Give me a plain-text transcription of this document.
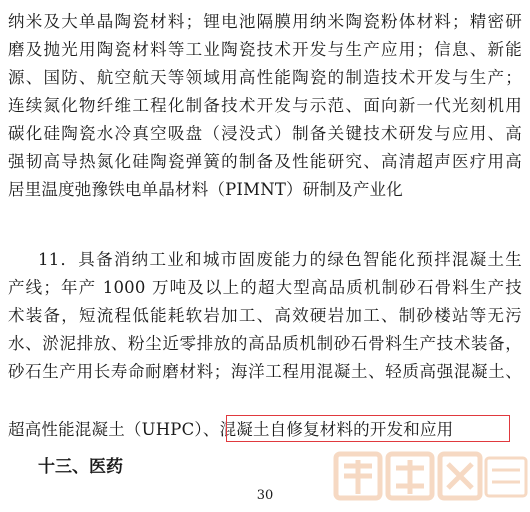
纳米及大单晶陶瓷材料；锂电池隔膜用纳米陶瓷粉体材料；精密研
磨及抛光用陶瓷材料等工业陶瓷技术开发与生产应用；信息、新能
源、国防、航空航天等领域用高性能陶瓷的制造技术开发与生产；
连续氮化物纤维工程化制备技术开发与示范、面向新一代光刻机用
碳化硅陶瓷水冷真空吸盘（浸没式）制备关键技术研发与应用、高
强韧高导热氮化硅陶瓷弹簧的制备及性能研究、高清超声医疗用高
居里温度弛豫铁电单晶材料（PIMNT）研制及产业化
11．具备消纳工业和城市固废能力的绿色智能化预拌混凝土生
产线；年产 1000 万吨及以上的超大型高品质机制砂石骨料生产技
术装备，短流程低能耗软岩加工、高效硬岩加工、制砂楼站等无污
水、淤泥排放、粉尘近零排放的高品质机制砂石骨料生产技术装备，
砂石生产用长寿命耐磨材料；海洋工程用混凝土、轻质高强混凝土、
超高性能混凝土（UHPC）、混凝土自修复材料的开发和应用
十三、医药
30
